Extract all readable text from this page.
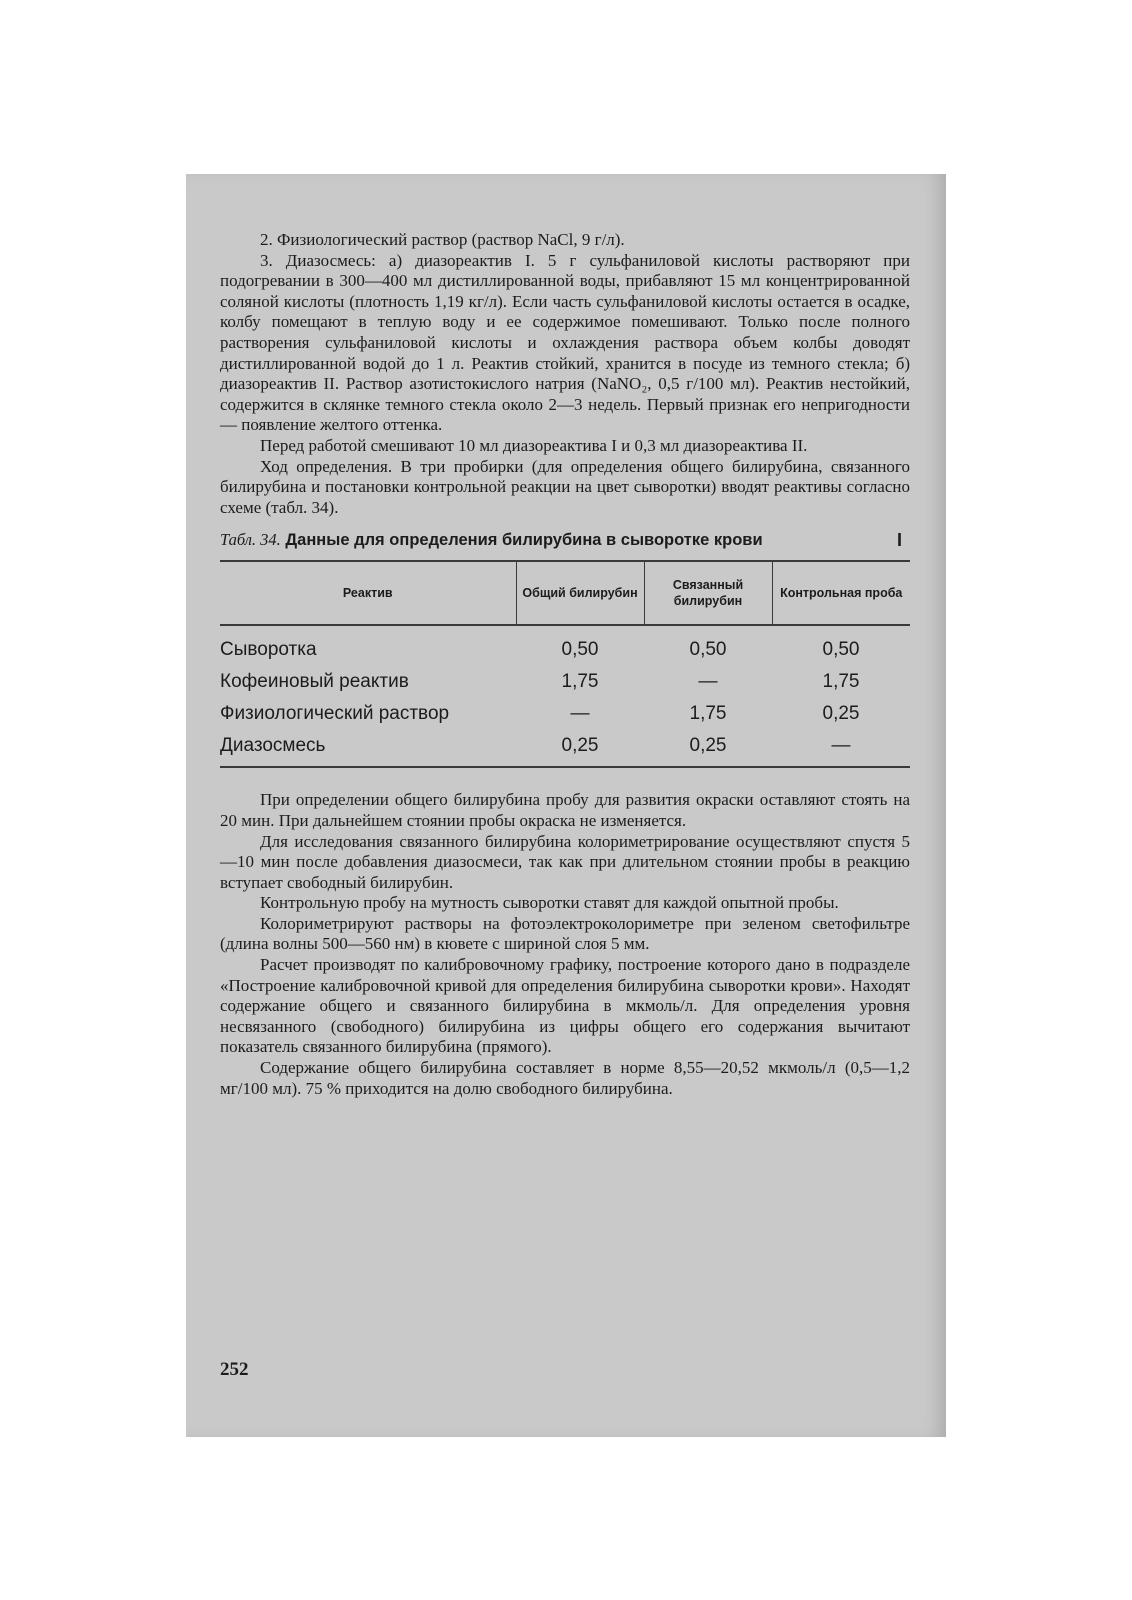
2. Физиологический раствор (раствор NaCl, 9 г/л).

3. Диазосмесь: а) диазореактив I. 5 г сульфаниловой кислоты растворяют при подогревании в 300—400 мл дистиллированной воды, прибавляют 15 мл концентрированной соляной кислоты (плотность 1,19 кг/л). Если часть сульфаниловой кислоты остается в осадке, колбу помещают в теплую воду и ее содержимое помешивают. Только после полного растворения сульфаниловой кислоты и охлаждения раствора объем колбы доводят дистиллированной водой до 1 л. Реактив стойкий, хранится в посуде из темного стекла; б) диазореактив II. Раствор азотистокислого натрия (NaNO₂, 0,5 г/100 мл). Реактив нестойкий, содержится в склянке темного стекла около 2—3 недель. Первый признак его непригодности — появление желтого оттенка.

Перед работой смешивают 10 мл диазореактива I и 0,3 мл диазореактива II.

Ход определения. В три пробирки (для определения общего билирубина, связанного билирубина и постановки контрольной реакции на цвет сыворотки) вводят реактивы согласно схеме (табл. 34).

Табл. 34. Данные для определения билирубина в сыворотке крови	I
Реактив	Общий билирубин	Связанный билирубин	Контрольная проба
Сыворотка	0,50	0,50	0,50
Кофеиновый реактив	1,75	—	1,75
Физиологический раствор	—	1,75	0,25
Диазосмесь	0,25	0,25	—

При определении общего билирубина пробу для развития окраски оставляют стоять на 20 мин. При дальнейшем стоянии пробы окраска не изменяется.

Для исследования связанного билирубина колориметрирование осуществляют спустя 5—10 мин после добавления диазосмеси, так как при длительном стоянии пробы в реакцию вступает свободный билирубин.

Контрольную пробу на мутность сыворотки ставят для каждой опытной пробы.

Колориметрируют растворы на фотоэлектроколориметре при зеленом светофильтре (длина волны 500—560 нм) в кювете с шириной слоя 5 мм.

Расчет производят по калибровочному графику, построение которого дано в подразделе «Построение калибровочной кривой для определения билирубина сыворотки крови». Находят содержание общего и связанного билирубина в мкмоль/л. Для определения уровня несвязанного (свободного) билирубина из цифры общего его содержания вычитают показатель связанного билирубина (прямого).

Содержание общего билирубина составляет в норме 8,55—20,52 мкмоль/л (0,5—1,2 мг/100 мл). 75 % приходится на долю свободного билирубина.

252
